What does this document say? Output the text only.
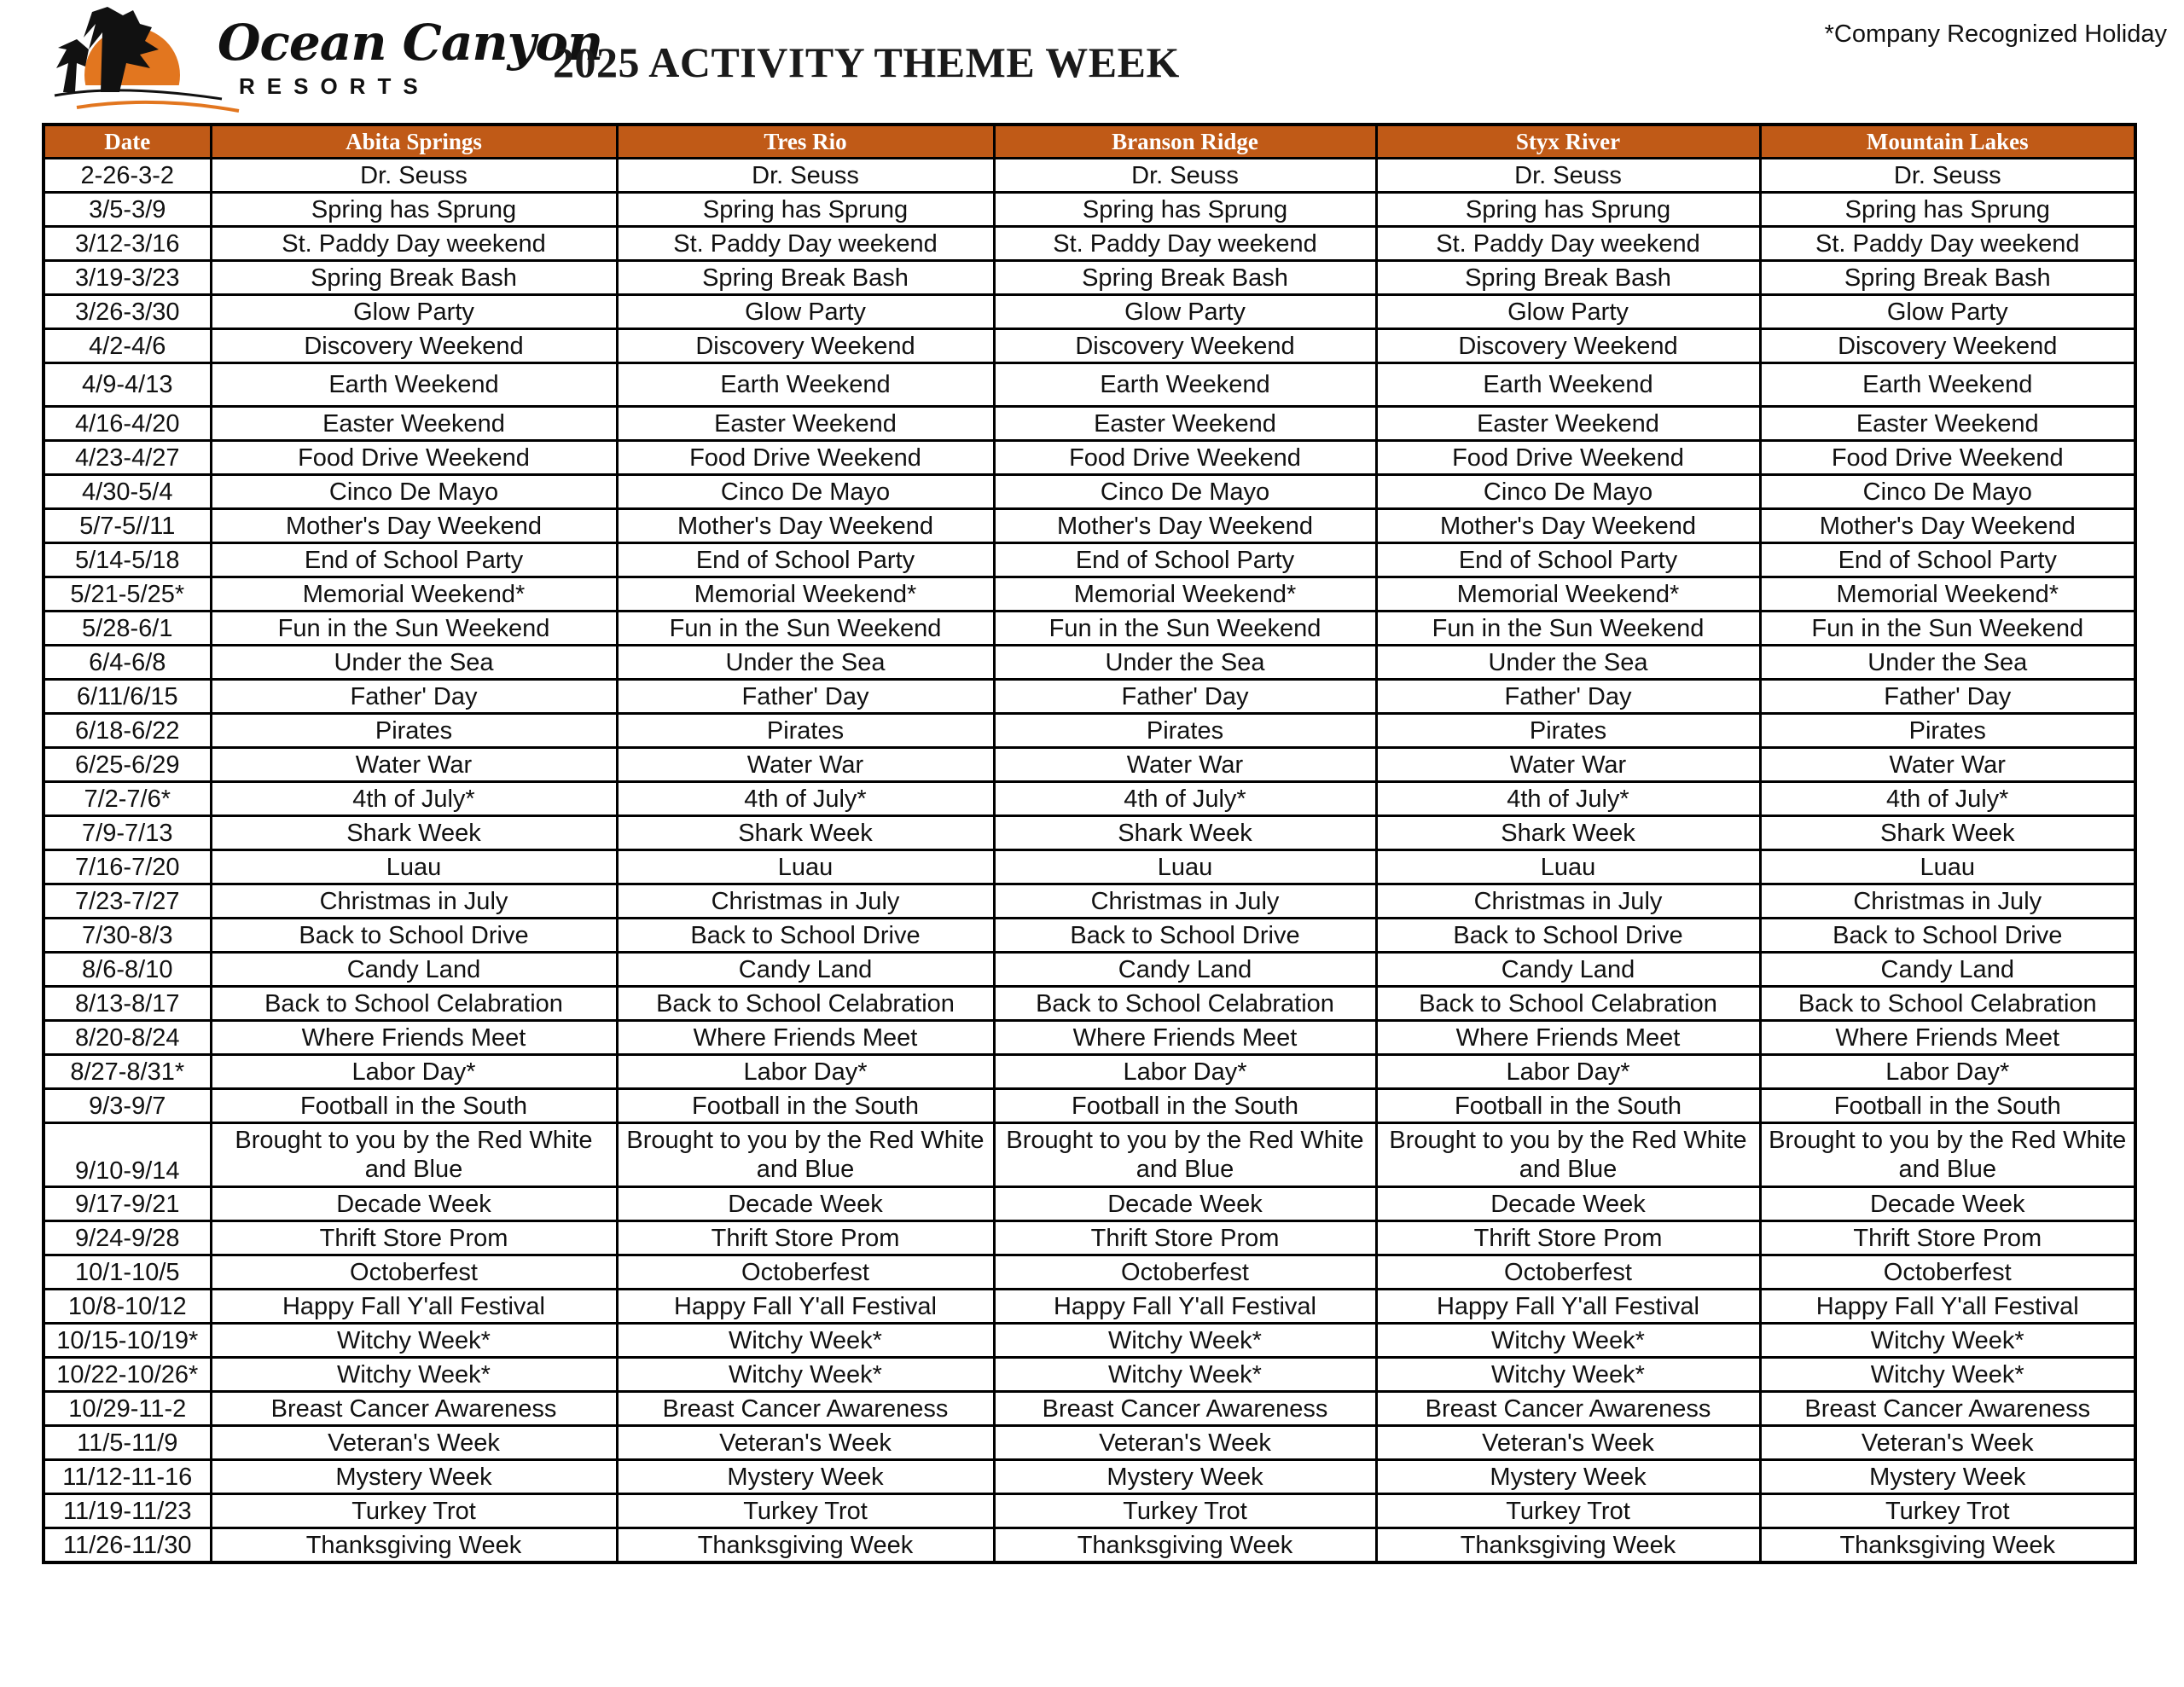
Ocean Canyon
RESORTS	2025 ACTIVITY THEME WEEK
*Company Recognized Holiday
Date	Abita Springs	Tres Rio	Branson Ridge	Styx River	Mountain Lakes
2-26-3-2	Dr. Seuss	Dr. Seuss	Dr. Seuss	Dr. Seuss	Dr. Seuss
3/5-3/9	Spring has Sprung	Spring has Sprung	Spring has Sprung	Spring has Sprung	Spring has Sprung
3/12-3/16	St. Paddy Day weekend	St. Paddy Day weekend	St. Paddy Day weekend	St. Paddy Day weekend	St. Paddy Day weekend
3/19-3/23	Spring Break Bash	Spring Break Bash	Spring Break Bash	Spring Break Bash	Spring Break Bash
3/26-3/30	Glow Party	Glow Party	Glow Party	Glow Party	Glow Party
4/2-4/6	Discovery Weekend	Discovery Weekend	Discovery Weekend	Discovery Weekend	Discovery Weekend
4/9-4/13	Earth Weekend	Earth Weekend	Earth Weekend	Earth Weekend	Earth Weekend
4/16-4/20	Easter Weekend	Easter Weekend	Easter Weekend	Easter Weekend	Easter Weekend
4/23-4/27	Food Drive Weekend	Food Drive Weekend	Food Drive Weekend	Food Drive Weekend	Food Drive Weekend
4/30-5/4	Cinco De Mayo	Cinco De Mayo	Cinco De Mayo	Cinco De Mayo	Cinco De Mayo
5/7-5//11	Mother's Day Weekend	Mother's Day Weekend	Mother's Day Weekend	Mother's Day Weekend	Mother's Day Weekend
5/14-5/18	End of School Party	End of School Party	End of School Party	End of School Party	End of School Party
5/21-5/25*	Memorial Weekend*	Memorial Weekend*	Memorial Weekend*	Memorial Weekend*	Memorial Weekend*
5/28-6/1	Fun in the Sun Weekend	Fun in the Sun Weekend	Fun in the Sun Weekend	Fun in the Sun Weekend	Fun in the Sun Weekend
6/4-6/8	Under the Sea	Under the Sea	Under the Sea	Under the Sea	Under the Sea
6/11/6/15	Father' Day	Father' Day	Father' Day	Father' Day	Father' Day
6/18-6/22	Pirates	Pirates	Pirates	Pirates	Pirates
6/25-6/29	Water War	Water War	Water War	Water War	Water War
7/2-7/6*	4th of July*	4th of July*	4th of July*	4th of July*	4th of July*
7/9-7/13	Shark Week	Shark Week	Shark Week	Shark Week	Shark Week
7/16-7/20	Luau	Luau	Luau	Luau	Luau
7/23-7/27	Christmas in July	Christmas in July	Christmas in July	Christmas in July	Christmas in July
7/30-8/3	Back to School Drive	Back to School Drive	Back to School Drive	Back to School Drive	Back to School Drive
8/6-8/10	Candy Land	Candy Land	Candy Land	Candy Land	Candy Land
8/13-8/17	Back to School Celabration	Back to School Celabration	Back to School Celabration	Back to School Celabration	Back to School Celabration
8/20-8/24	Where Friends Meet	Where Friends Meet	Where Friends Meet	Where Friends Meet	Where Friends Meet
8/27-8/31*	Labor Day*	Labor Day*	Labor Day*	Labor Day*	Labor Day*
9/3-9/7	Football in the South	Football in the South	Football in the South	Football in the South	Football in the South
9/10-9/14	Brought to you by the Red White and Blue	Brought to you by the Red White and Blue	Brought to you by the Red White and Blue	Brought to you by the Red White and Blue	Brought to you by the Red White and Blue
9/17-9/21	Decade Week	Decade Week	Decade Week	Decade Week	Decade Week
9/24-9/28	Thrift Store Prom	Thrift Store Prom	Thrift Store Prom	Thrift Store Prom	Thrift Store Prom
10/1-10/5	Octoberfest	Octoberfest	Octoberfest	Octoberfest	Octoberfest
10/8-10/12	Happy Fall Y'all Festival	Happy Fall Y'all Festival	Happy Fall Y'all Festival	Happy Fall Y'all Festival	Happy Fall Y'all Festival
10/15-10/19*	Witchy Week*	Witchy Week*	Witchy Week*	Witchy Week*	Witchy Week*
10/22-10/26*	Witchy Week*	Witchy Week*	Witchy Week*	Witchy Week*	Witchy Week*
10/29-11-2	Breast Cancer Awareness	Breast Cancer Awareness	Breast Cancer Awareness	Breast Cancer Awareness	Breast Cancer Awareness
11/5-11/9	Veteran's Week	Veteran's Week	Veteran's Week	Veteran's Week	Veteran's Week
11/12-11-16	Mystery Week	Mystery Week	Mystery Week	Mystery Week	Mystery Week
11/19-11/23	Turkey Trot	Turkey Trot	Turkey Trot	Turkey Trot	Turkey Trot
11/26-11/30	Thanksgiving Week	Thanksgiving Week	Thanksgiving Week	Thanksgiving Week	Thanksgiving Week
